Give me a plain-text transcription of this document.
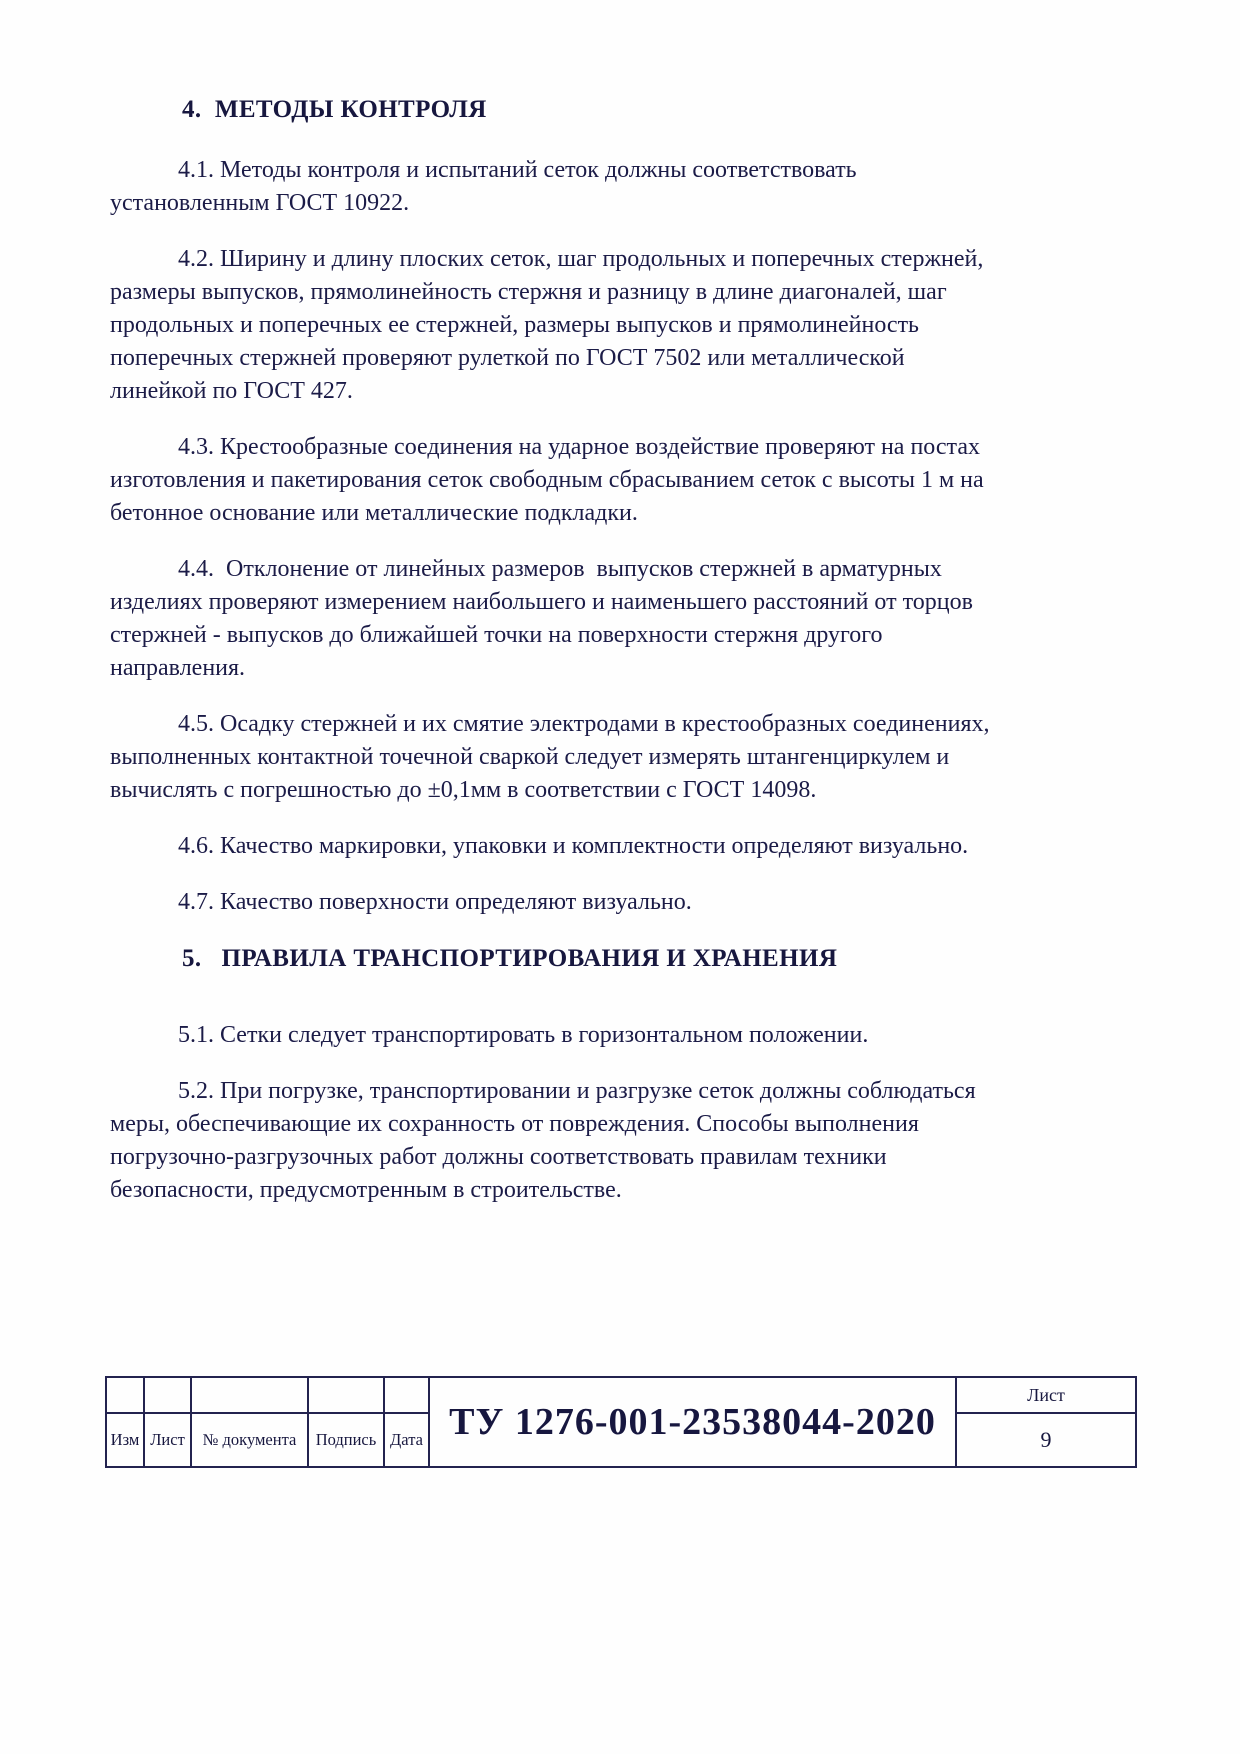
4.  МЕТОДЫ КОНТРОЛЯ

4.1. Методы контроля и испытаний сеток должны соответствовать установленным ГОСТ 10922.

4.2. Ширину и длину плоских сеток, шаг продольных и поперечных стержней, размеры выпусков, прямолинейность стержня и разницу в длине диагоналей, шаг продольных и поперечных ее стержней, размеры выпусков и прямолинейность поперечных стержней проверяют рулеткой по ГОСТ 7502 или металлической линейкой по ГОСТ 427.

4.3. Крестообразные соединения на ударное воздействие проверяют на постах изготовления и пакетирования сеток свободным сбрасыванием сеток с высоты 1 м на бетонное основание или металлические подкладки.

4.4.  Отклонение от линейных размеров  выпусков стержней в арматурных изделиях проверяют измерением наибольшего и наименьшего расстояний от торцов стержней - выпусков до ближайшей точки на поверхности стержня другого направления.

4.5. Осадку стержней и их смятие электродами в крестообразных соединениях, выполненных контактной точечной сваркой следует измерять штангенциркулем и  вычислять с погрешностью до ±0,1мм в соответствии с ГОСТ 14098.

4.6. Качество маркировки, упаковки и комплектности определяют визуально.

4.7. Качество поверхности определяют визуально.

5.   ПРАВИЛА ТРАНСПОРТИРОВАНИЯ И ХРАНЕНИЯ

5.1. Сетки следует транспортировать в горизонтальном положении.

5.2. При погрузке, транспортировании и разгрузке сеток должны соблюдаться меры, обеспечивающие их сохранность от повреждения. Способы выполнения погрузочно-разгрузочных работ должны соответствовать правилам техники   безопасности, предусмотренным в строительстве.

					ТУ 1276-001-23538044-2020	Лист
Изм	Лист	№ документа	Подпись	Дата		9
